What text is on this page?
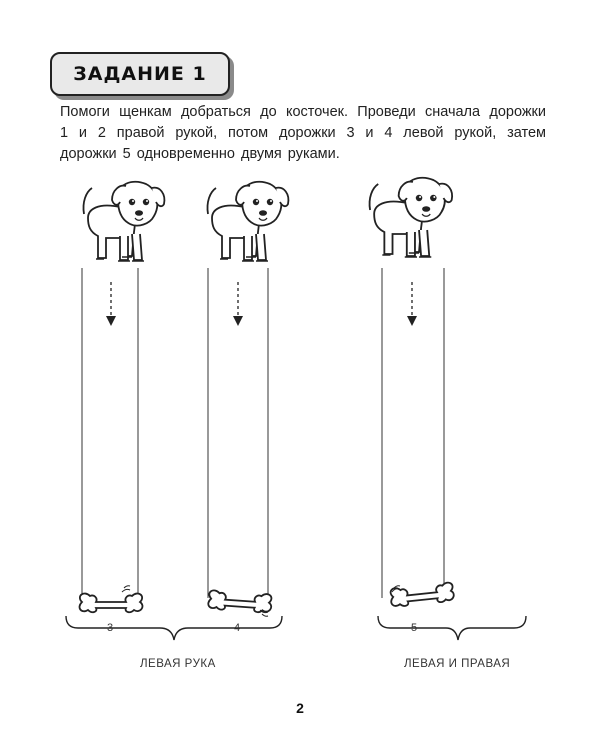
ЗАДАНИЕ 1
Помоги щенкам добраться до косточек. Проведи сначала дорожки
1 и 2 правой рукой, потом дорожки 3 и 4 левой рукой, затем
дорожки 5 одновременно двумя руками.
3	4	5
ЛЕВАЯ РУКА	ЛЕВАЯ И ПРАВАЯ
2
